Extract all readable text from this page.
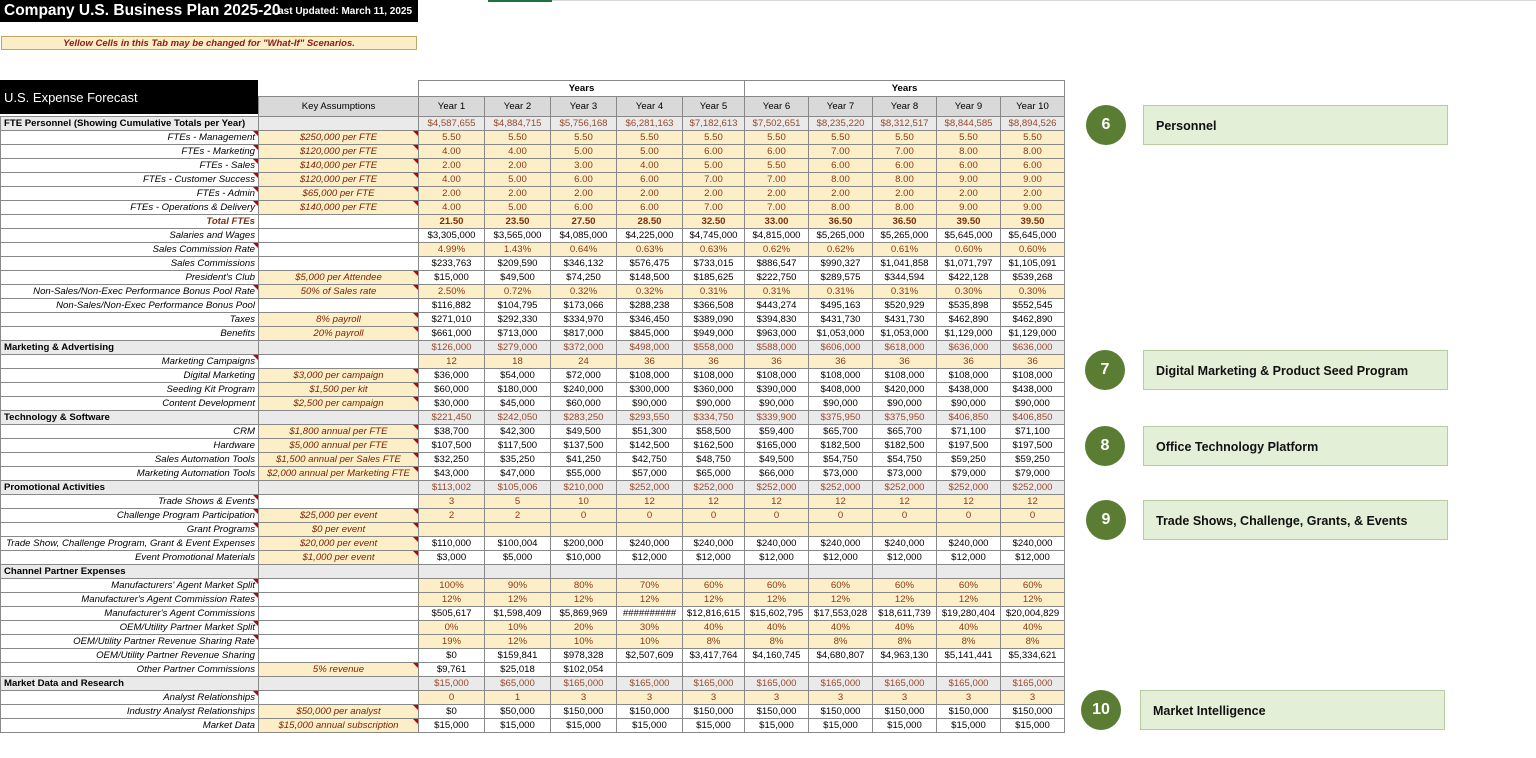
Company U.S. Business Plan 2025-20
Last Updated: March 11, 2025
Yellow Cells in this Tab may be changed for "What-If" Scenarios.
		Years					Years				
	Key Assumptions	Year 1	Year 2	Year 3	Year 4	Year 5	Year 6	Year 7	Year 8	Year 9	Year 10
FTE Personnel (Showing Cumulative Totals per Year)		$4,587,655	$4,884,715	$5,756,168	$6,281,163	$7,182,613	$7,502,651	$8,235,220	$8,312,517	$8,844,585	$8,894,526
FTEs - Management	$250,000 per FTE	5.50	5.50	5.50	5.50	5.50	5.50	5.50	5.50	5.50	5.50
FTEs - Marketing	$120,000 per FTE	4.00	4.00	5.00	5.00	6.00	6.00	7.00	7.00	8.00	8.00
FTEs - Sales	$140,000 per FTE	2.00	2.00	3.00	4.00	5.00	5.50	6.00	6.00	6.00	6.00
FTEs - Customer Success	$120,000 per FTE	4.00	5.00	6.00	6.00	7.00	7.00	8.00	8.00	9.00	9.00
FTEs - Admin	$65,000 per FTE	2.00	2.00	2.00	2.00	2.00	2.00	2.00	2.00	2.00	2.00
FTEs - Operations & Delivery	$140,000 per FTE	4.00	5.00	6.00	6.00	7.00	7.00	8.00	8.00	9.00	9.00
Total FTEs		21.50	23.50	27.50	28.50	32.50	33.00	36.50	36.50	39.50	39.50
Salaries and Wages		$3,305,000	$3,565,000	$4,085,000	$4,225,000	$4,745,000	$4,815,000	$5,265,000	$5,265,000	$5,645,000	$5,645,000
Sales Commission Rate		4.99%	1.43%	0.64%	0.63%	0.63%	0.62%	0.62%	0.61%	0.60%	0.60%
Sales Commissions		$233,763	$209,590	$346,132	$576,475	$733,015	$886,547	$990,327	$1,041,858	$1,071,797	$1,105,091
President's Club	$5,000 per Attendee	$15,000	$49,500	$74,250	$148,500	$185,625	$222,750	$289,575	$344,594	$422,128	$539,268
Non-Sales/Non-Exec Performance Bonus Pool Rate	50% of Sales rate	2.50%	0.72%	0.32%	0.32%	0.31%	0.31%	0.31%	0.31%	0.30%	0.30%
Non-Sales/Non-Exec Performance Bonus Pool		$116,882	$104,795	$173,066	$288,238	$366,508	$443,274	$495,163	$520,929	$535,898	$552,545
Taxes	8% payroll	$271,010	$292,330	$334,970	$346,450	$389,090	$394,830	$431,730	$431,730	$462,890	$462,890
Benefits	20% payroll	$661,000	$713,000	$817,000	$845,000	$949,000	$963,000	$1,053,000	$1,053,000	$1,129,000	$1,129,000
Marketing & Advertising		$126,000	$279,000	$372,000	$498,000	$558,000	$588,000	$606,000	$618,000	$636,000	$636,000
Marketing Campaigns		12	18	24	36	36	36	36	36	36	36
Digital Marketing	$3,000 per campaign	$36,000	$54,000	$72,000	$108,000	$108,000	$108,000	$108,000	$108,000	$108,000	$108,000
Seeding Kit Program	$1,500 per kit	$60,000	$180,000	$240,000	$300,000	$360,000	$390,000	$408,000	$420,000	$438,000	$438,000
Content Development	$2,500 per campaign	$30,000	$45,000	$60,000	$90,000	$90,000	$90,000	$90,000	$90,000	$90,000	$90,000
Technology & Software		$221,450	$242,050	$283,250	$293,550	$334,750	$339,900	$375,950	$375,950	$406,850	$406,850
CRM	$1,800 annual per FTE	$38,700	$42,300	$49,500	$51,300	$58,500	$59,400	$65,700	$65,700	$71,100	$71,100
Hardware	$5,000 annual per FTE	$107,500	$117,500	$137,500	$142,500	$162,500	$165,000	$182,500	$182,500	$197,500	$197,500
Sales Automation Tools	$1,500 annual per Sales FTE	$32,250	$35,250	$41,250	$42,750	$48,750	$49,500	$54,750	$54,750	$59,250	$59,250
Marketing Automation Tools	$2,000 annual per Marketing FTE	$43,000	$47,000	$55,000	$57,000	$65,000	$66,000	$73,000	$73,000	$79,000	$79,000
Promotional Activities		$113,002	$105,006	$210,000	$252,000	$252,000	$252,000	$252,000	$252,000	$252,000	$252,000
Trade Shows & Events		3	5	10	12	12	12	12	12	12	12
Challenge Program Participation	$25,000 per event	2	2	0	0	0	0	0	0	0	0
Grant Programs	$0 per event										
Trade Show, Challenge Program, Grant & Event Expenses	$20,000 per event	$110,000	$100,004	$200,000	$240,000	$240,000	$240,000	$240,000	$240,000	$240,000	$240,000
Event Promotional Materials	$1,000 per event	$3,000	$5,000	$10,000	$12,000	$12,000	$12,000	$12,000	$12,000	$12,000	$12,000
Channel Partner Expenses											
Manufacturers' Agent Market Split		100%	90%	80%	70%	60%	60%	60%	60%	60%	60%
Manufacturer's Agent Commission Rates		12%	12%	12%	12%	12%	12%	12%	12%	12%	12%
Manufacturer's Agent Commissions		$505,617	$1,598,409	$5,869,969	##########	$12,816,615	$15,602,795	$17,553,028	$18,611,739	$19,280,404	$20,004,829
OEM/Utility Partner Market Split		0%	10%	20%	30%	40%	40%	40%	40%	40%	40%
OEM/Utility Partner Revenue Sharing Rate		19%	12%	10%	10%	8%	8%	8%	8%	8%	8%
OEM/Utility Partner Revenue Sharing		$0	$159,841	$978,328	$2,507,609	$3,417,764	$4,160,745	$4,680,807	$4,963,130	$5,141,441	$5,334,621
Other Partner Commissions	5% revenue	$9,761	$25,018	$102,054							
Market Data and Research		$15,000	$65,000	$165,000	$165,000	$165,000	$165,000	$165,000	$165,000	$165,000	$165,000
Analyst Relationships		0	1	3	3	3	3	3	3	3	3
Industry Analyst Relationships	$50,000 per analyst	$0	$50,000	$150,000	$150,000	$150,000	$150,000	$150,000	$150,000	$150,000	$150,000
Market Data	$15,000 annual subscription	$15,000	$15,000	$15,000	$15,000	$15,000	$15,000	$15,000	$15,000	$15,000	$15,000
U.S. Expense Forecast
6	Personnel
7	Digital Marketing & Product Seed Program
8	Office Technology Platform
9	Trade Shows, Challenge, Grants, & Events
10	Market Intelligence
